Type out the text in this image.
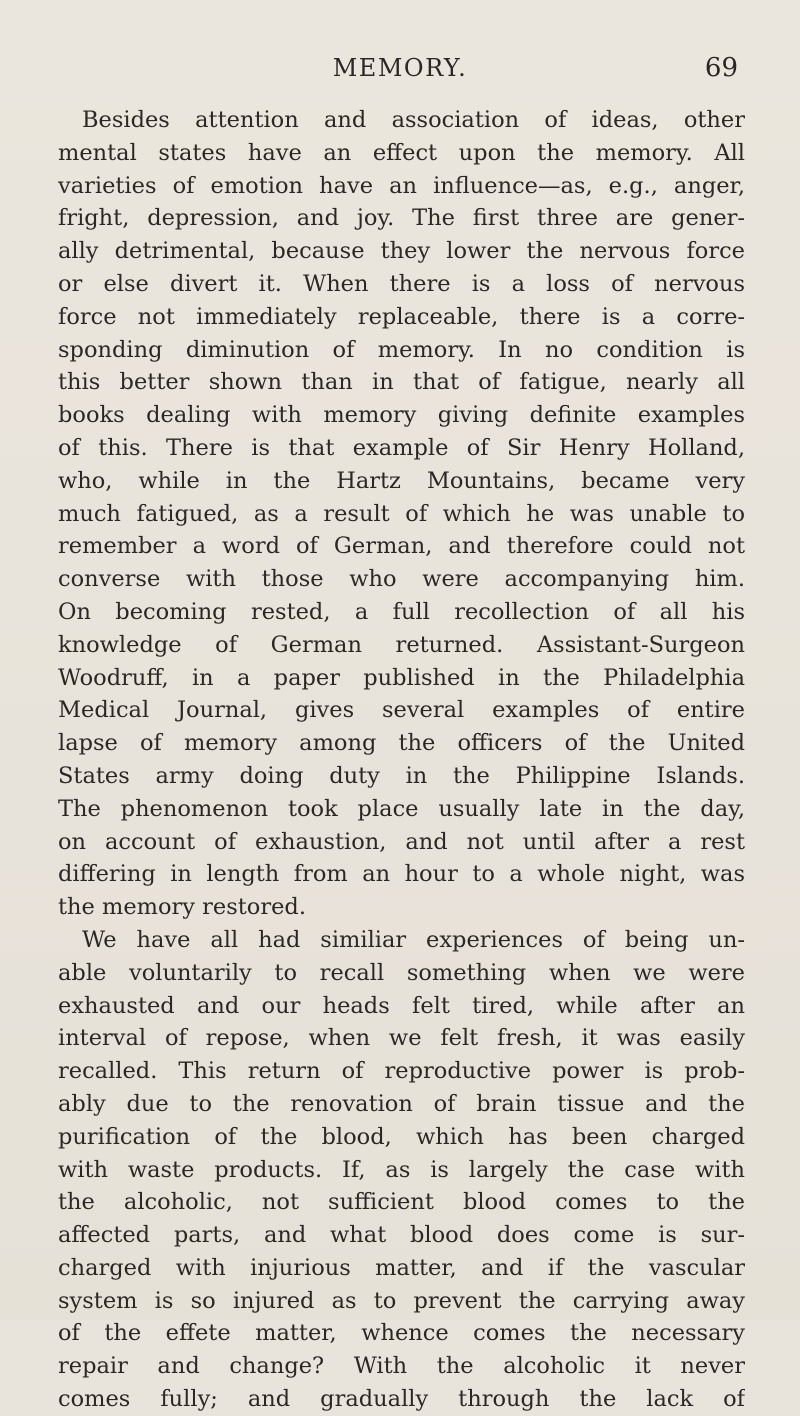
MEMORY.	69
Besides attention and association of ideas, other
mental states have an effect upon the memory. All
varieties of emotion have an influence—as, e.g., anger,
fright, depression, and joy. The first three are gener-
ally detrimental, because they lower the nervous force
or else divert it. When there is a loss of nervous
force not immediately replaceable, there is a corre-
sponding diminution of memory. In no condition is
this better shown than in that of fatigue, nearly all
books dealing with memory giving definite examples
of this. There is that example of Sir Henry Holland,
who, while in the Hartz Mountains, became very
much fatigued, as a result of which he was unable to
remember a word of German, and therefore could not
converse with those who were accompanying him.
On becoming rested, a full recollection of all his
knowledge of German returned. Assistant-Surgeon
Woodruff, in a paper published in the Philadelphia
Medical Journal, gives several examples of entire
lapse of memory among the officers of the United
States army doing duty in the Philippine Islands.
The phenomenon took place usually late in the day,
on account of exhaustion, and not until after a rest
differing in length from an hour to a whole night, was
the memory restored.
We have all had similiar experiences of being un-
able voluntarily to recall something when we were
exhausted and our heads felt tired, while after an
interval of repose, when we felt fresh, it was easily
recalled. This return of reproductive power is prob-
ably due to the renovation of brain tissue and the
purification of the blood, which has been charged
with waste products. If, as is largely the case with
the alcoholic, not sufficient blood comes to the
affected parts, and what blood does come is sur-
charged with injurious matter, and if the vascular
system is so injured as to prevent the carrying away
of the effete matter, whence comes the necessary
repair and change? With the alcoholic it never
comes fully; and gradually through the lack of
